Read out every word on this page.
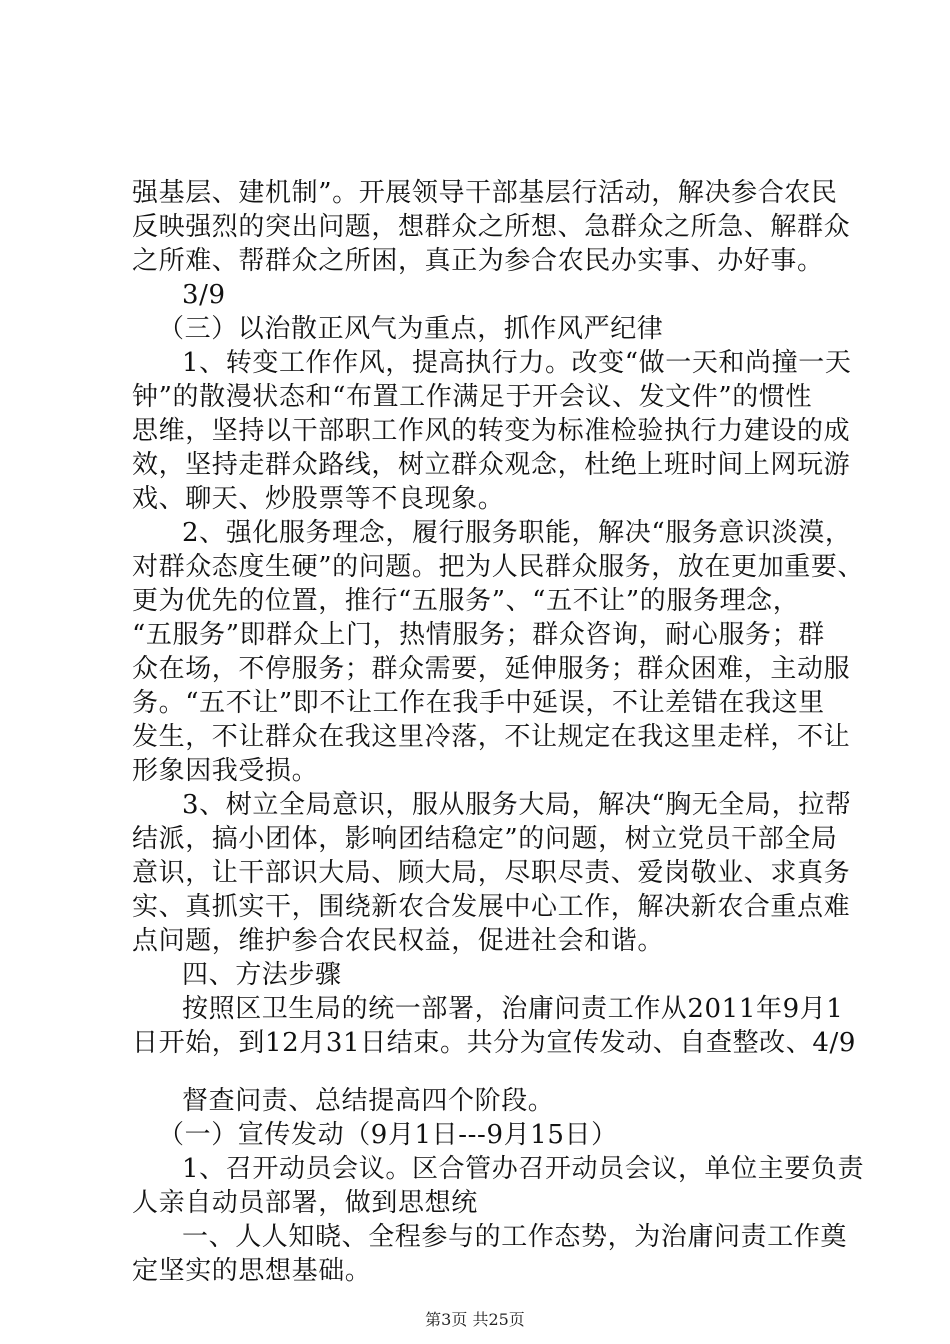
强基层、建机制”。开展领导干部基层行活动，解决参合农民
反映强烈的突出问题，想群众之所想、急群众之所急、解群众
之所难、帮群众之所困，真正为参合农民办实事、办好事。
3/9
（三）以治散正风气为重点，抓作风严纪律
1、转变工作作风，提高执行力。改变“做一天和尚撞一天
钟”的散漫状态和“布置工作满足于开会议、发文件”的惯性
思维，坚持以干部职工作风的转变为标准检验执行力建设的成
效，坚持走群众路线，树立群众观念，杜绝上班时间上网玩游
戏、聊天、炒股票等不良现象。
2、强化服务理念，履行服务职能，解决“服务意识淡漠，
对群众态度生硬”的问题。把为人民群众服务，放在更加重要、
更为优先的位置，推行“五服务”、“五不让”的服务理念，
“五服务”即群众上门，热情服务；群众咨询，耐心服务；群
众在场，不停服务；群众需要，延伸服务；群众困难，主动服
务。“五不让”即不让工作在我手中延误，不让差错在我这里
发生，不让群众在我这里冷落，不让规定在我这里走样，不让
形象因我受损。
3、树立全局意识，服从服务大局，解决“胸无全局，拉帮
结派，搞小团体，影响团结稳定”的问题，树立党员干部全局
意识，让干部识大局、顾大局，尽职尽责、爱岗敬业、求真务
实、真抓实干，围绕新农合发展中心工作，解决新农合重点难
点问题，维护参合农民权益，促进社会和谐。
四、方法步骤
按照区卫生局的统一部署，治庸问责工作从2011年9月1
日开始，到12月31日结束。共分为宣传发动、自查整改、4/9
督查问责、总结提高四个阶段。
（一）宣传发动（9月1日---9月15日）
1、召开动员会议。区合管办召开动员会议，单位主要负责
人亲自动员部署，做到思想统
一、人人知晓、全程参与的工作态势，为治庸问责工作奠
定坚实的思想基础。
第3页 共25页
